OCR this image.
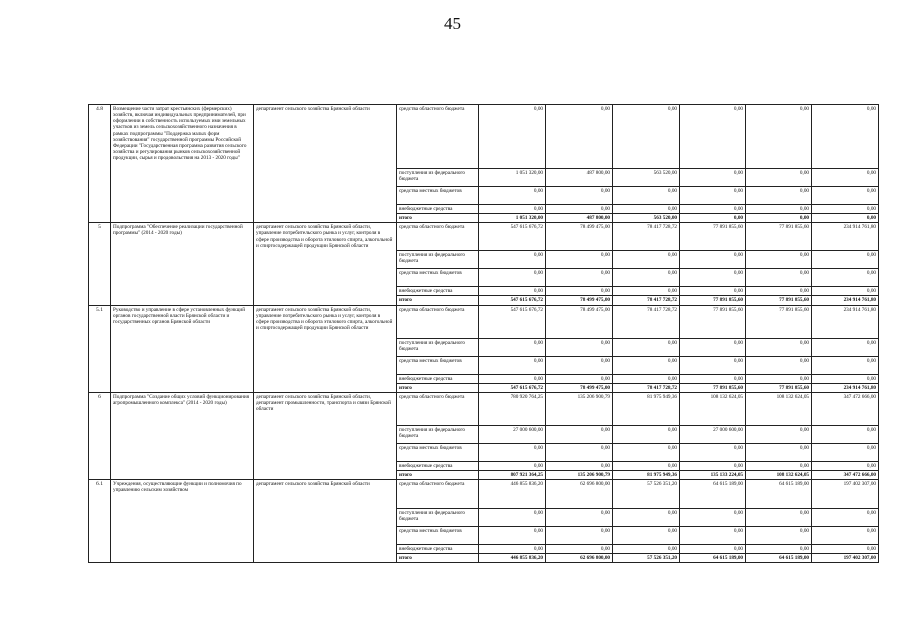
45
4.8	Возмещение части затрат крестьянских (фермерских) хозяйств, включая индивидуальных предпринимателей, при оформлении в собственность используемых ими земельных участков из земель сельскохозяйственного назначения в рамках подпрограммы "Поддержка малых форм хозяйствования" государственной программы Российской Федерации "Государственная программа развития сельского хозяйства и регулирования рынков сельскохозяйственной продукции, сырья и продовольствия на 2013 - 2020 годы"	департамент сельского хозяйства Брянской области	средства областного бюджета	0,00	0,00	0,00	0,00	0,00	0,00
			поступления из федерального бюджета	1 051 320,00	487 800,00	563 520,00	0,00	0,00	0,00
			средства местных бюджетов	0,00	0,00	0,00	0,00	0,00	0,00
			внебюджетные средства	0,00	0,00	0,00	0,00	0,00	0,00
			итого	1 051 320,00	487 800,00	563 520,00	0,00	0,00	0,00
5	Подпрограмма "Обеспечение реализации государственной программы" (2014 - 2020 годы)	департамент сельского хозяйства Брянской области, управление потребительского рынка и услуг, контроля в сфере производства и оборота этилового спирта, алкогольной и спиртосодержащей продукции Брянской области	средства областного бюджета	547 615 676,72	78 499 475,00	78 417 728,72	77 891 855,60	77 891 855,60	234 914 761,80
			поступления из федерального бюджета	0,00	0,00	0,00	0,00	0,00	0,00
			средства местных бюджетов	0,00	0,00	0,00	0,00	0,00	0,00
			внебюджетные средства	0,00	0,00	0,00	0,00	0,00	0,00
			итого	547 615 676,72	78 499 475,00	78 417 728,72	77 891 855,60	77 891 855,60	234 914 761,80
5.1	Руководство и управление в сфере установленных функций органов государственной власти Брянской области и государственных органов Брянской области	департамент сельского хозяйства Брянской области, управление потребительского рынка и услуг, контроля в сфере производства и оборота этилового спирта, алкогольной и спиртосодержащей продукции Брянской области	средства областного бюджета	547 615 676,72	78 499 475,00	78 417 728,72	77 891 855,60	77 891 855,60	234 914 761,80
			поступления из федерального бюджета	0,00	0,00	0,00	0,00	0,00	0,00
			средства местных бюджетов	0,00	0,00	0,00	0,00	0,00	0,00
			внебюджетные средства	0,00	0,00	0,00	0,00	0,00	0,00
			итого	547 615 676,72	78 499 475,00	78 417 728,72	77 891 855,60	77 891 855,60	234 914 761,80
6	Подпрограмма "Создание общих условий функционирования агропромышленного комплекса" (2014 - 2020 годы)	департамент сельского хозяйства Брянской области, департамент промышленности, транспорта и связи Брянской области	средства областного бюджета	780 920 764,25	135 206 900,79	81 975 949,36	108 132 624,05	108 132 624,05	347 472 666,00
			поступления из федерального бюджета	27 000 600,00	0,00	0,00	27 000 600,00	0,00	0,00
			средства местных бюджетов	0,00	0,00	0,00	0,00	0,00	0,00
			внебюджетные средства	0,00	0,00	0,00	0,00	0,00	0,00
			итого	807 921 364,25	135 206 900,79	81 975 949,36	135 133 224,05	108 132 624,05	347 472 666,00
6.1	Учреждения, осуществляющие функции и полномочия по управлению сельским хозяйством	департамент сельского хозяйства Брянской области	средства областного бюджета	446 855 836,20	62 696 800,00	57 526 351,20	64 615 189,00	64 615 189,00	197 402 307,00
			поступления из федерального бюджета	0,00	0,00	0,00	0,00	0,00	0,00
			средства местных бюджетов	0,00	0,00	0,00	0,00	0,00	0,00
			внебюджетные средства	0,00	0,00	0,00	0,00	0,00	0,00
			итого	446 855 836,20	62 696 800,00	57 526 351,20	64 615 189,00	64 615 189,00	197 402 307,00
